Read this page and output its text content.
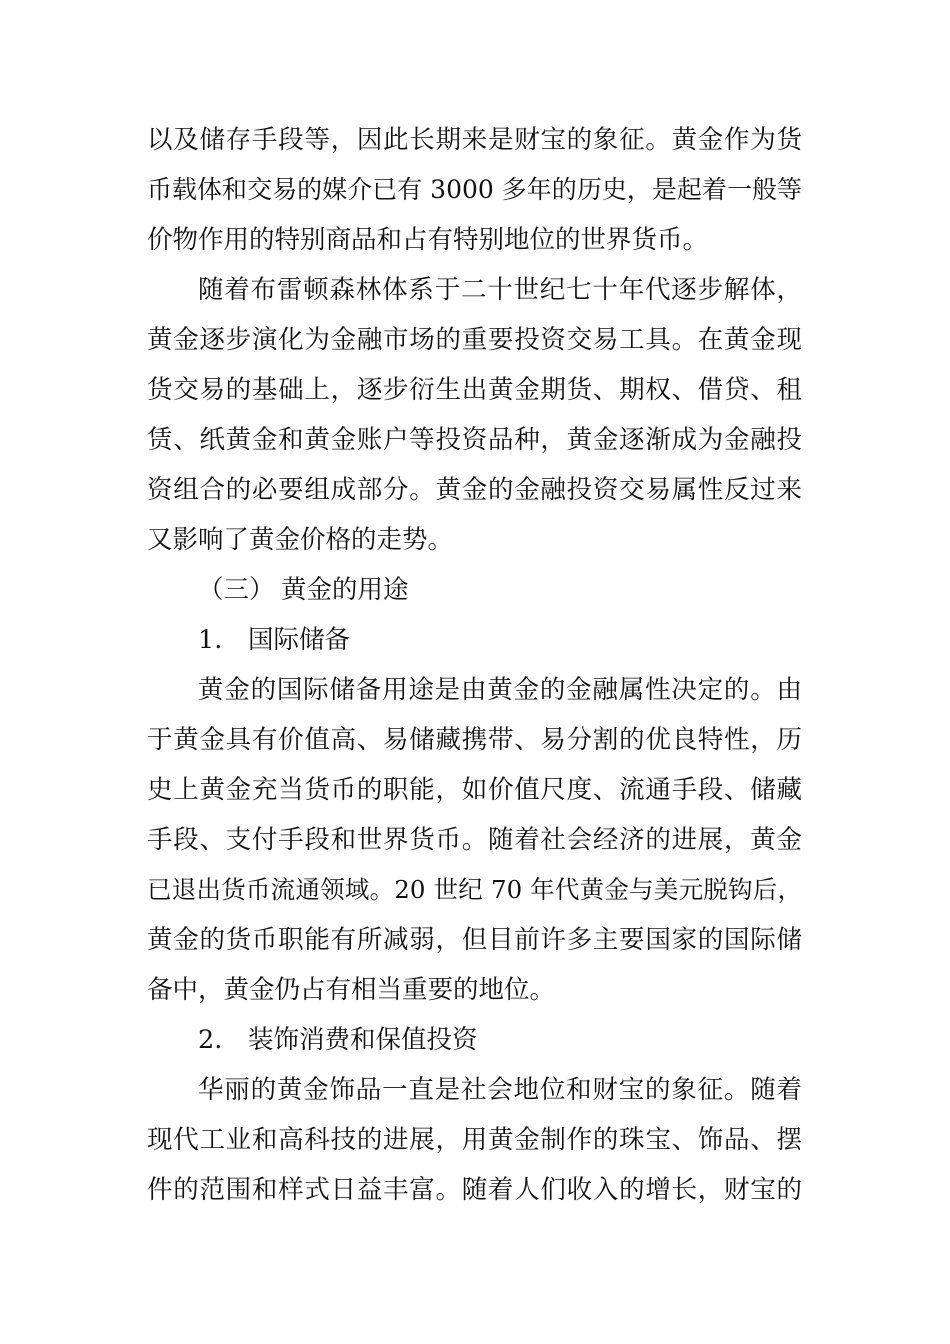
以及储存手段等，因此长期来是财宝的象征。黄金作为货
币载体和交易的媒介已有 3000 多年的历史，是起着一般等
价物作用的特别商品和占有特别地位的世界货币。
随着布雷顿森林体系于二十世纪七十年代逐步解体，
黄金逐步演化为金融市场的重要投资交易工具。在黄金现
货交易的基础上，逐步衍生出黄金期货、期权、借贷、租
赁、纸黄金和黄金账户等投资品种，黄金逐渐成为金融投
资组合的必要组成部分。黄金的金融投资交易属性反过来
又影响了黄金价格的走势。
（三） 黄金的用途
1. 国际储备
黄金的国际储备用途是由黄金的金融属性决定的。由
于黄金具有价值高、易储藏携带、易分割的优良特性，历
史上黄金充当货币的职能，如价值尺度、流通手段、储藏
手段、支付手段和世界货币。随着社会经济的进展，黄金
已退出货币流通领域。20 世纪 70 年代黄金与美元脱钩后，
黄金的货币职能有所减弱，但目前许多主要国家的国际储
备中，黄金仍占有相当重要的地位。
2. 装饰消费和保值投资
华丽的黄金饰品一直是社会地位和财宝的象征。随着
现代工业和高科技的进展，用黄金制作的珠宝、饰品、摆
件的范围和样式日益丰富。随着人们收入的增长，财宝的
